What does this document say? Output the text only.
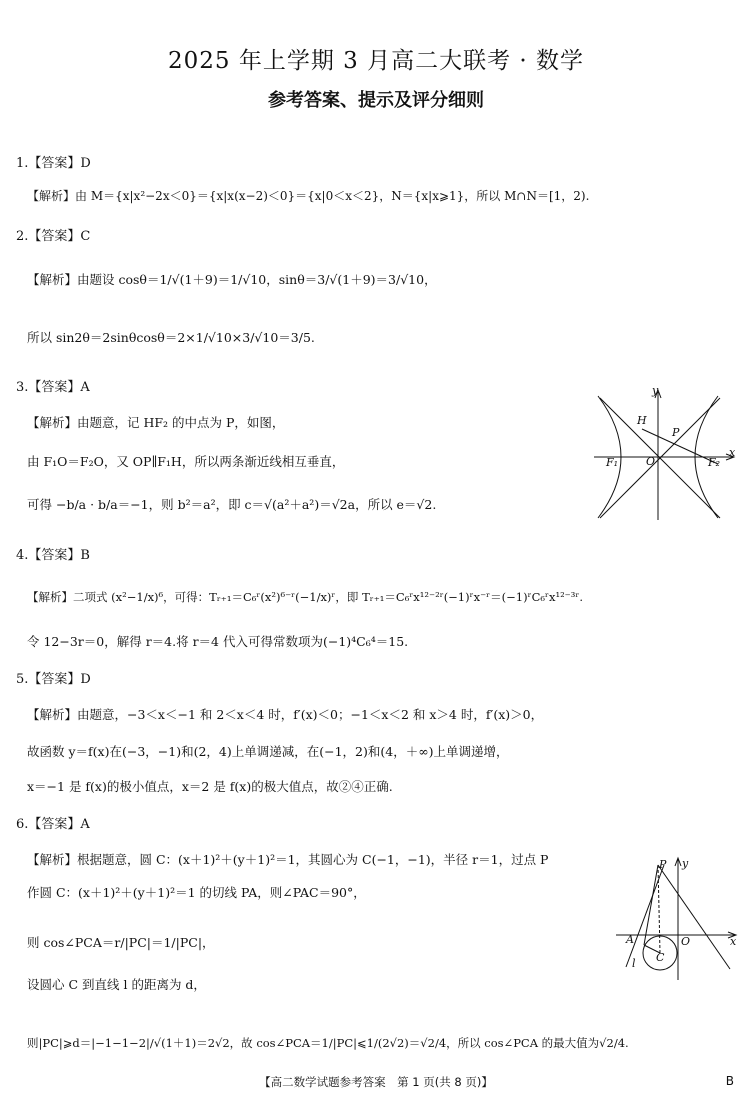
2025 年上学期 3 月高二大联考 · 数学
参考答案、提示及评分细则
1.【答案】D
【解析】由 M＝{x|x²−2x＜0}＝{x|x(x−2)＜0}＝{x|0＜x＜2}，N＝{x|x⩾1}，所以 M∩N＝[1，2).
2.【答案】C
【解析】由题设 cosθ＝1/√(1＋9)＝1/√10，sinθ＝3/√(1＋9)＝3/√10，
所以 sin2θ＝2sinθcosθ＝2×1/√10×3/√10＝3/5.
3.【答案】A
【解析】由题意，记 HF₂ 的中点为 P，如图，
由 F₁O＝F₂O，又 OP∥F₁H，所以两条渐近线相互垂直，
可得 −b/a · b/a＝−1，则 b²＝a²，即 c＝√(a²＋a²)＝√2a，所以 e＝√2.
y
H
P
F₁	O	F₂
x
4.【答案】B
【解析】二项式 (x²−1/x)⁶，可得：Tᵣ₊₁＝C₆ʳ(x²)⁶⁻ʳ(−1/x)ʳ，即 Tᵣ₊₁＝C₆ʳx¹²⁻²ʳ(−1)ʳx⁻ʳ＝(−1)ʳC₆ʳx¹²⁻³ʳ.
令 12−3r＝0，解得 r＝4.将 r＝4 代入可得常数项为(−1)⁴C₆⁴＝15.
5.【答案】D
【解析】由题意，−3＜x＜−1 和 2＜x＜4 时，f′(x)＜0；−1＜x＜2 和 x＞4 时，f′(x)＞0，
故函数 y＝f(x)在(−3，−1)和(2，4)上单调递减，在(−1，2)和(4，＋∞)上单调递增，
x＝−1 是 f(x)的极小值点，x＝2 是 f(x)的极大值点，故②④正确.
6.【答案】A
【解析】根据题意，圆 C：(x＋1)²＋(y＋1)²＝1，其圆心为 C(−1，−1)，半径 r＝1，过点 P
作圆 C：(x＋1)²＋(y＋1)²＝1 的切线 PA，则∠PAC＝90°，
则 cos∠PCA＝r/|PC|＝1/|PC|，
设圆心 C 到直线 l 的距离为 d，
则|PC|⩾d＝|−1−1−2|/√(1＋1)＝2√2，故 cos∠PCA＝1/|PC|⩽1/(2√2)＝√2/4，所以 cos∠PCA 的最大值为√2/4.
P y
A	O	x
l C
【高二数学试题参考答案　第 1 页(共 8 页)】	B
